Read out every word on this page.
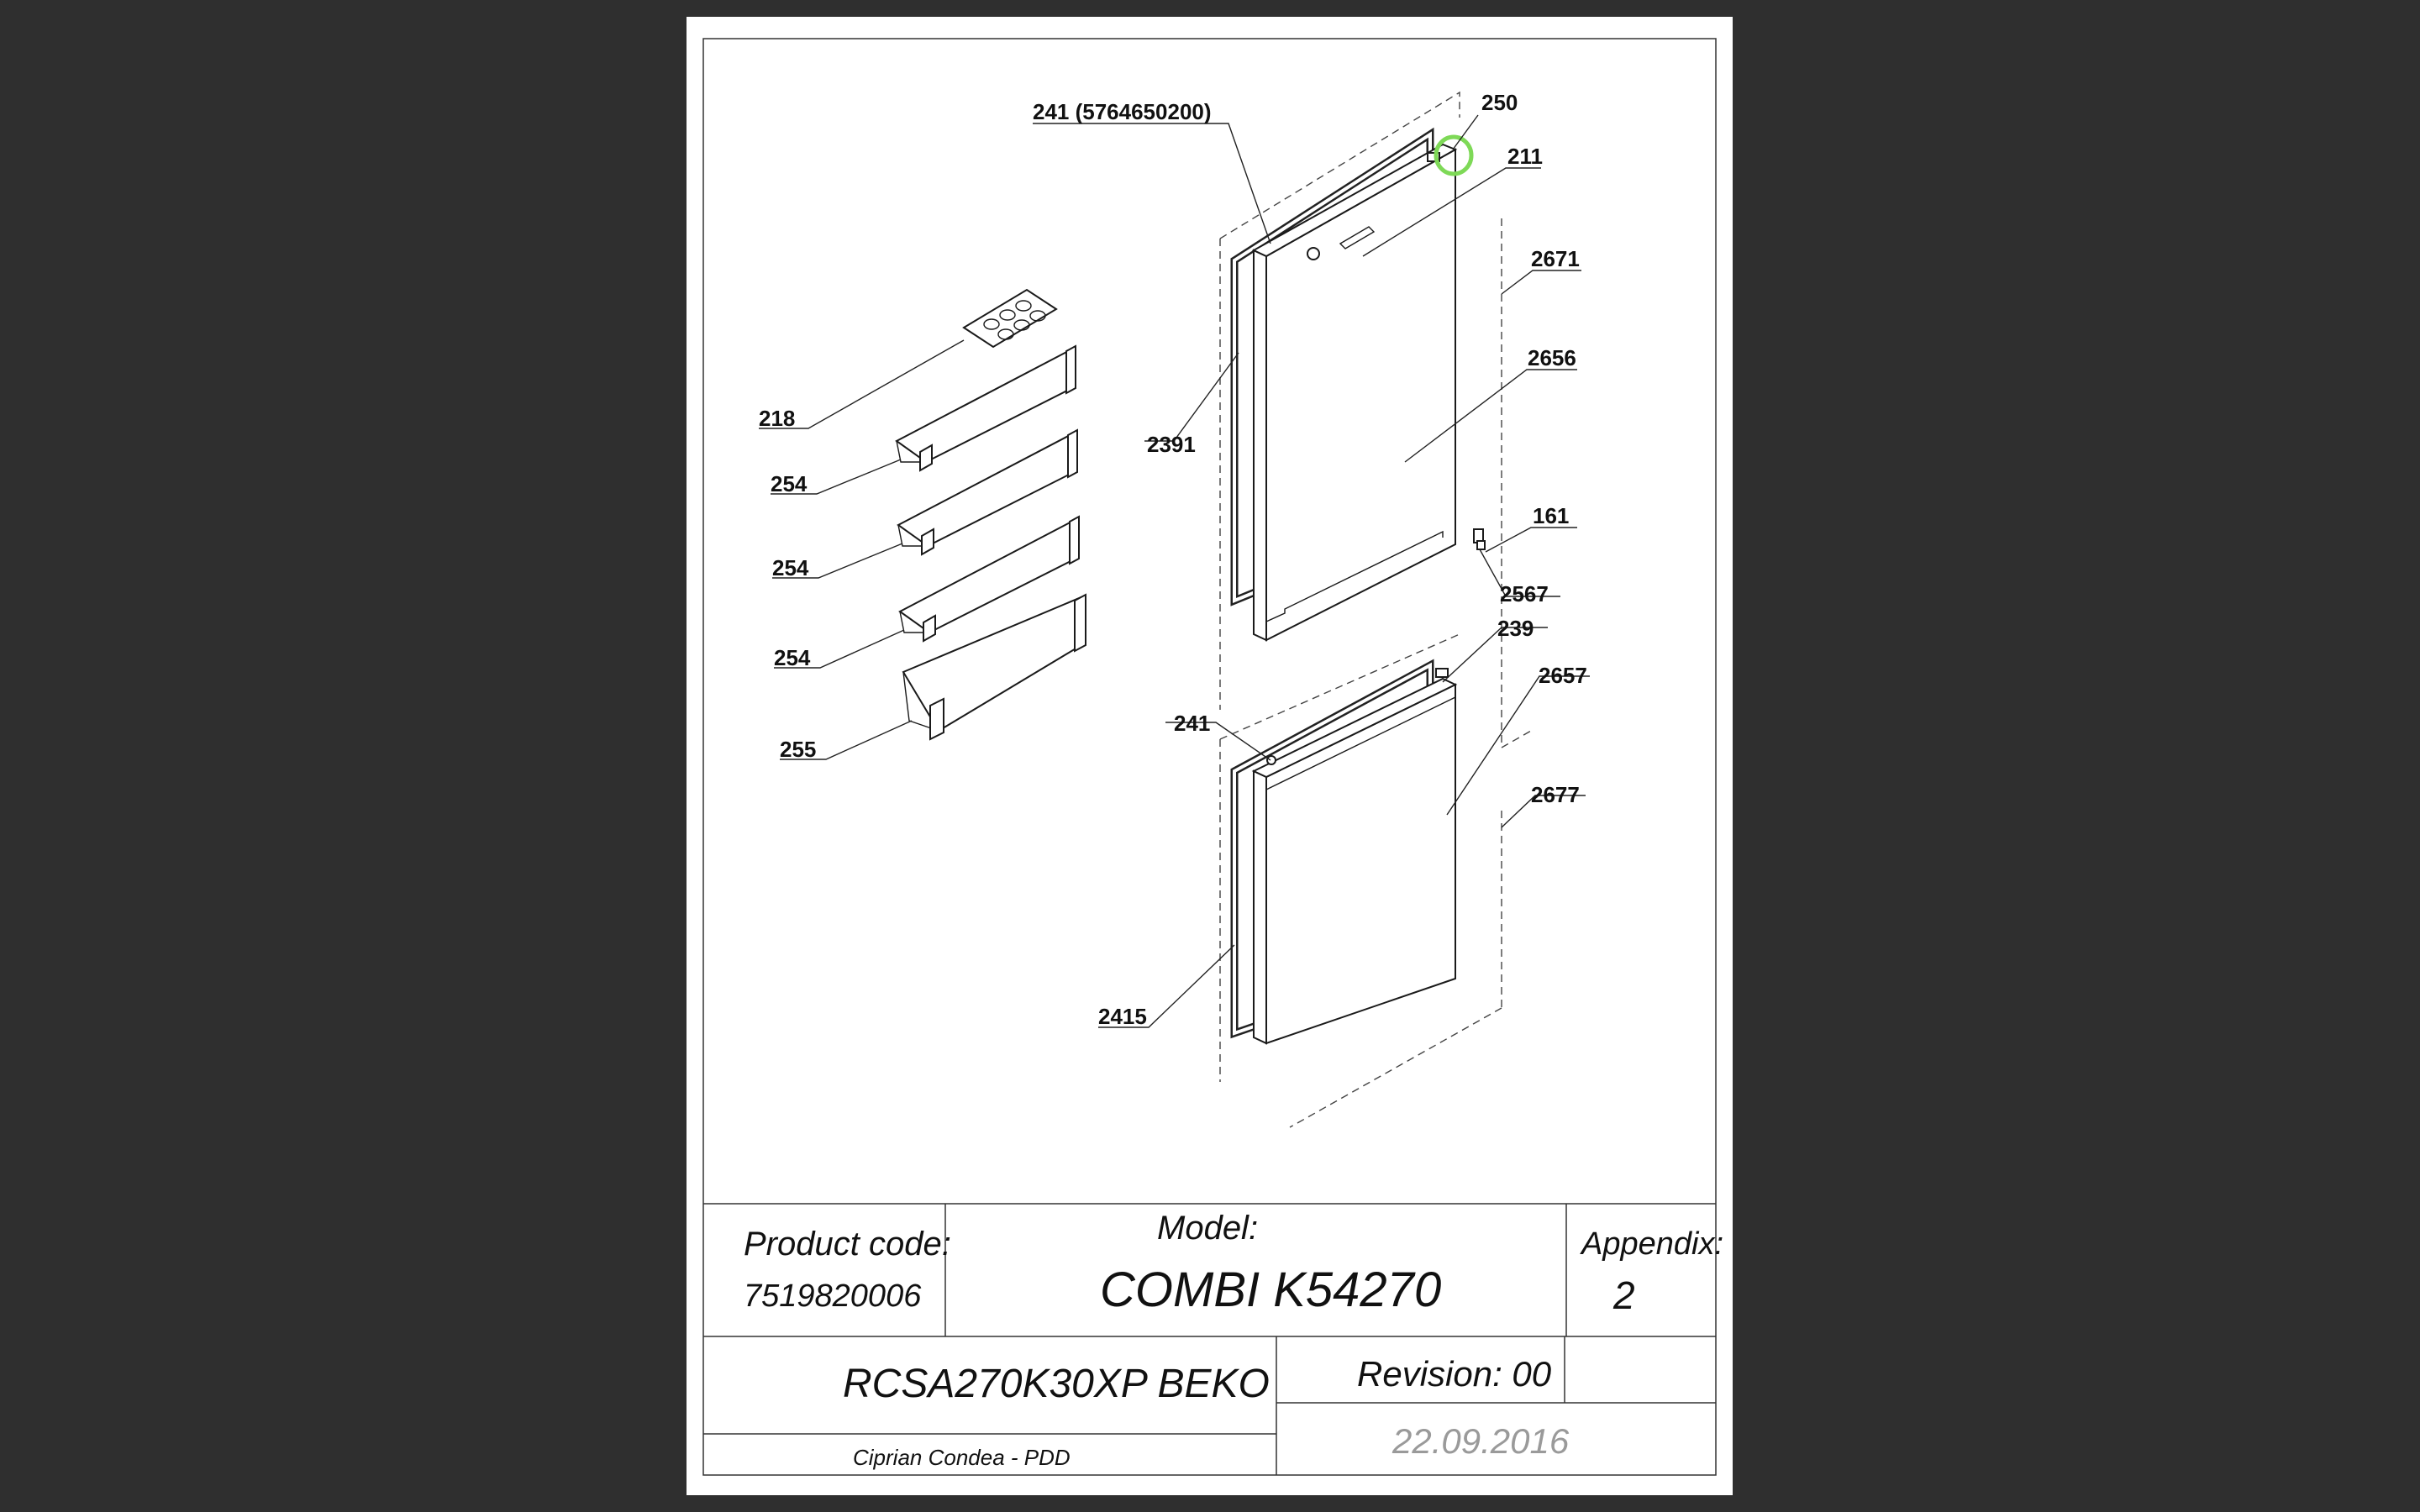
241 (5764650200)	250
211
2671
2656
2391
161
2567
239
2657
241
2677
2415
218
254
254
254
255
Product code:
7519820006
Model:
COMBI K54270
Appendix:
2
RCSA270K30XP BEKO Revision: 00
Ciprian Condea - PDD	22.09.2016
